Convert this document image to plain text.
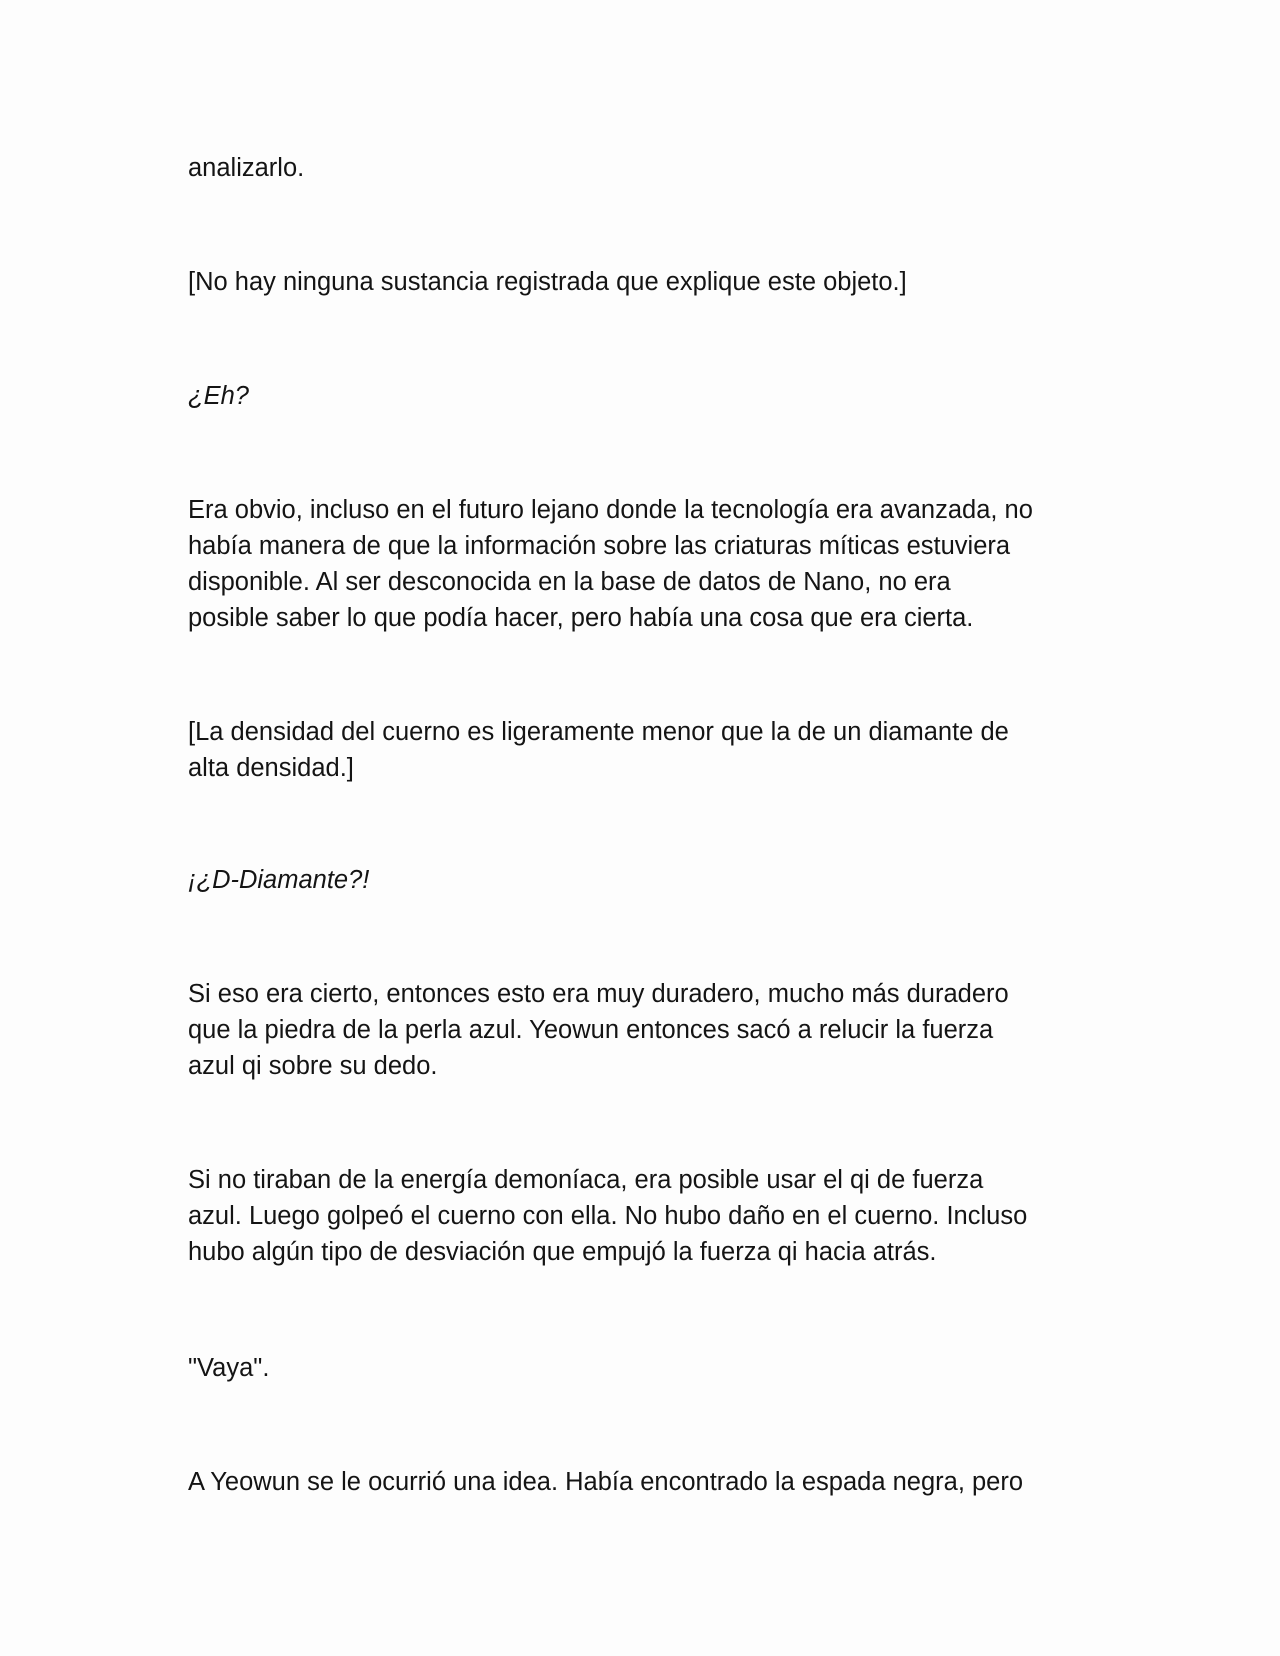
analizarlo.

[No hay ninguna sustancia registrada que explique este objeto.]

¿Eh?

Era obvio, incluso en el futuro lejano donde la tecnología era avanzada, no
había manera de que la información sobre las criaturas míticas estuviera
disponible. Al ser desconocida en la base de datos de Nano, no era
posible saber lo que podía hacer, pero había una cosa que era cierta.

[La densidad del cuerno es ligeramente menor que la de un diamante de
alta densidad.]

¡¿D-Diamante?!

Si eso era cierto, entonces esto era muy duradero, mucho más duradero
que la piedra de la perla azul. Yeowun entonces sacó a relucir la fuerza
azul qi sobre su dedo.

Si no tiraban de la energía demoníaca, era posible usar el qi de fuerza
azul. Luego golpeó el cuerno con ella. No hubo daño en el cuerno. Incluso
hubo algún tipo de desviación que empujó la fuerza qi hacia atrás.

"Vaya".

A Yeowun se le ocurrió una idea. Había encontrado la espada negra, pero
